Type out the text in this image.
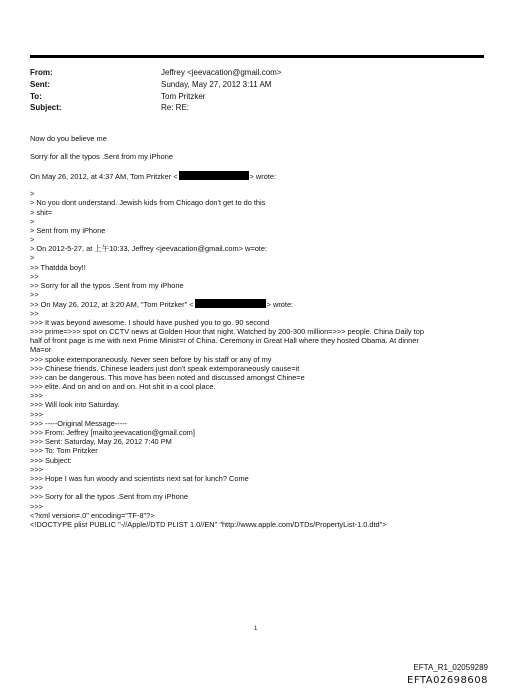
From:	Jeffrey <jeevacation@gmail.com>
Sent:	Sunday, May 27, 2012 3:11 AM
To:	Tom Pritzker
Subject:	Re: RE:
Now do you believe me
Sorry for all the typos .Sent from my iPhone
On May 26, 2012, at 4:37 AM, Tom Pritzker <	> wrote:
>
> No you dont understand. Jewish kids from Chicago don't get to do this
> shit=
>
> Sent from my iPhone
>
> On 2012-5-27, at 上午10:33, Jeffrey <jeevacation@gmail.com> w=ote:
>
>> Thatdda boy!!
>>
>> Sorry for all the typos .Sent from my iPhone
>>
>> On May 26, 2012, at 3:20 AM, "Tom Pritzker" <	> wrote:
>>
>>> It was beyond awesome. I should have pushed you to go. 90 second
>>> prime=>>> spot on CCTV news at Golden Hour that night. Watched by 200-300 million=>>> people. China Daily top
half of front page is me with next Prime Minist=r of China. Ceremony in Great Hall where they hosted Obama. At dinner
Ma=or
>>> spoke extemporaneously. Never seen before by his staff or any of my
>>> Chinese friends. Chinese leaders just don't speak extemporaneously cause=it
>>> can be dangerous. This move has been noted and discussed amongst Chine=e
>>> elite. And on and on and on. Hot shit in a cool place.
>>>
>>> Will look into Saturday.
>>>
>>> -----Original Message-----
>>> From: Jeffrey [mailto:jeevacation@gmail.com]
>>> Sent: Saturday, May 26, 2012 7:40 PM
>>> To: Tom Pritzker
>>> Subject:
>>>
>>> Hope I was fun woody and scientists next sat for lunch? Come
>>>
>>> Sorry for all the typos .Sent from my iPhone
>>>
<?xml version=.0" encoding="TF-8"?>
<!DOCTYPE plist PUBLIC "-//Apple//DTD PLIST 1.0//EN" "http://www.apple.com/DTDs/PropertyList-1.0.dtd">
1
EFTA_R1_02059289
EFTA02698608
